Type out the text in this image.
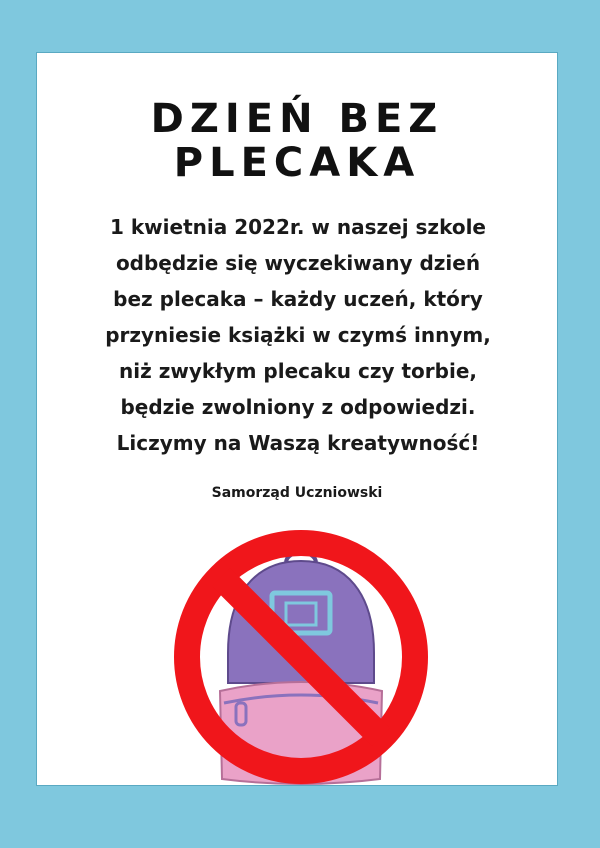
DZIEŃ BEZ
PLECAKA

1 kwietnia 2022r. w naszej szkole
odbędzie się wyczekiwany dzień
bez plecaka – każdy uczeń, który
przyniesie książki w czymś innym,
niż zwykłym plecaku czy torbie,
będzie zwolniony z odpowiedzi.
Liczymy na Waszą kreatywność!

Samorząd Uczniowski
